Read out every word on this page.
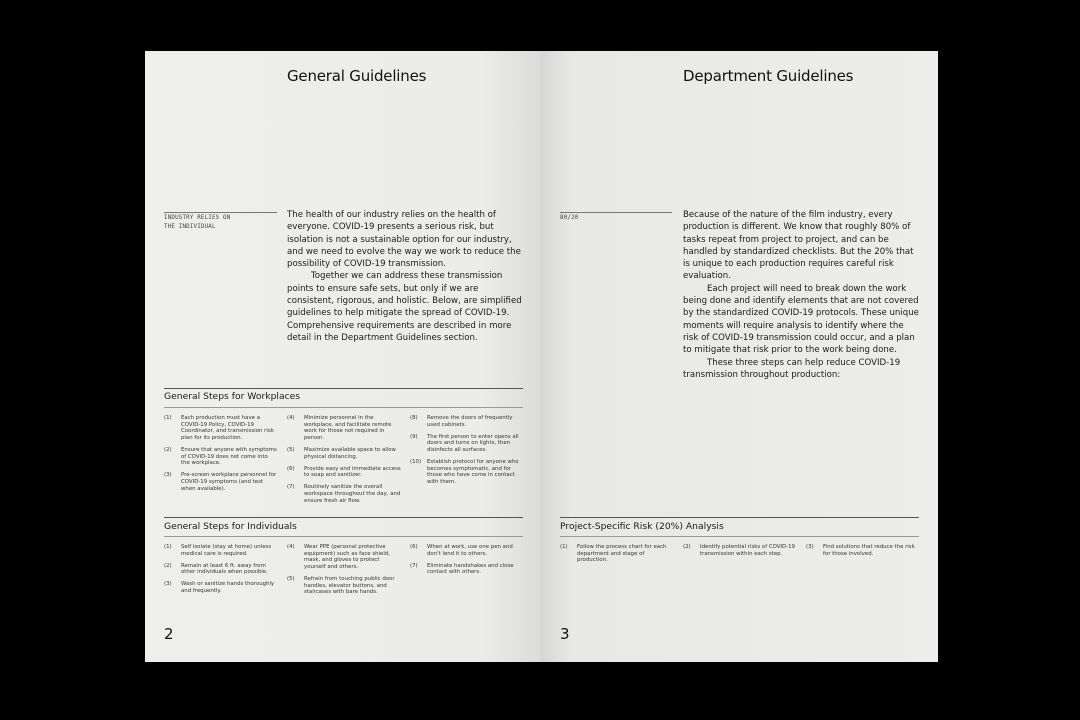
General Guidelines
INDUSTRY RELIES ON
THE INDIVIDUAL

The health of our industry relies on the health of everyone. COVID-19 presents a serious risk, but isolation is not a sustainable option for our industry, and we need to evolve the way we work to reduce the possibility of COVID-19 transmission.

Together we can address these transmission points to ensure safe sets, but only if we are consistent, rigorous, and holistic. Below, are simplified guidelines to help mitigate the spread of COVID-19. Comprehensive requirements are described in more detail in the Department Guidelines section.

General Steps for Workplaces
(1)	Each production must have a COVID-19 Policy, COVID-19 Coordinator, and transmission risk plan for its production.
(2)	Ensure that anyone with symptoms of COVID-19 does not come into the workplace.
(3)	Pre-screen workplace personnel for COVID-19 symptoms (and test when available).
(4)	Minimize personnel in the workplace, and facilitate remote work for those not required in person.
(5)	Maximize available space to allow physical distancing.
(6)	Provide easy and immediate access to soap and sanitizer.
(7)	Routinely sanitize the overall workspace throughout the day, and ensure fresh air flow.
(8)	Remove the doors of frequently used cabinets.
(9)	The first person to enter opens all doors and turns on lights, then disinfects all surfaces.
(10)	Establish protocol for anyone who becomes symptomatic, and for those who have come in contact with them.
General Steps for Individuals
(1)	Self isolate (stay at home) unless medical care is required.
(2)	Remain at least 6 ft. away from other individuals when possible.
(3)	Wash or sanitize hands thoroughly and frequently.
(4)	Wear PPE (personal protective equipment) such as face shield, mask, and gloves to protect yourself and others.
(5)	Refrain from touching public door handles, elevator buttons, and staircases with bare hands.
(6)	When at work, use one pen and don't lend it to others.
(7)	Eliminate handshakes and close contact with others.
2
Department Guidelines
80/20	Because of the nature of the film industry, every production is different. We know that roughly 80% of tasks repeat from project to project, and can be handled by standardized checklists. But the 20% that is unique to each production requires careful risk evaluation.

Each project will need to break down the work being done and identify elements that are not covered by the standardized COVID-19 protocols. These unique moments will require analysis to identify where the risk of COVID-19 transmission could occur, and a plan to mitigate that risk prior to the work being done.

These three steps can help reduce COVID-19 transmission throughout production:

Project-Specific Risk (20%) Analysis
(1)	Follow the process chart for each department and stage of production.
(2)	Identify potential risks of COVID-19 transmission within each step.
(3)	Find solutions that reduce the risk for those involved.
3
